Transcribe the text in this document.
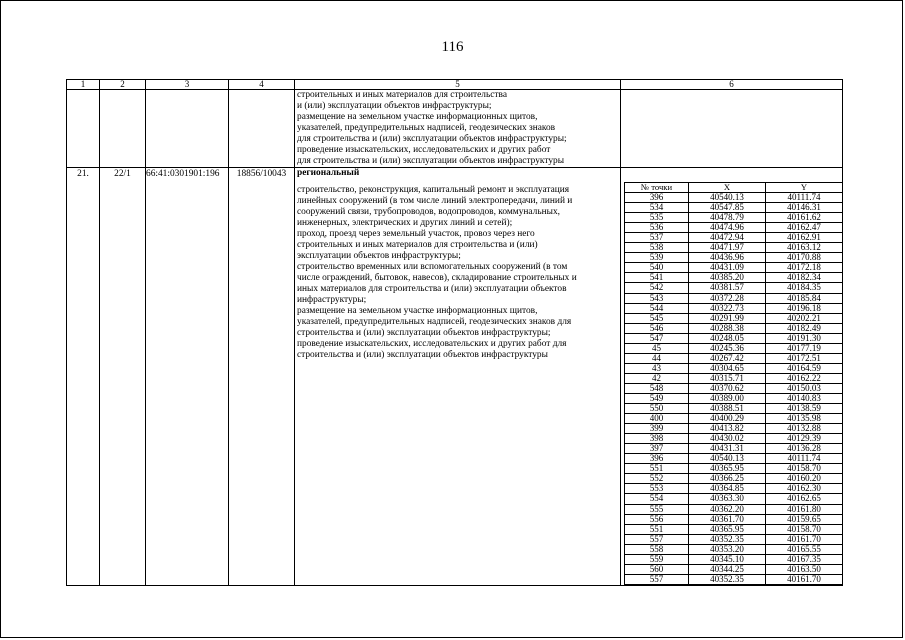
116
1	2	3	4	5	6

строительных и иных материалов для строительства
и (или) эксплуатации объектов инфраструктуры;
размещение на земельном участке информационных щитов,
указателей, предупредительных надписей, геодезических знаков
для строительства и (или) эксплуатации объектов инфраструктуры;
проведение изыскательских, исследовательских и других работ
для строительства и (или) эксплуатации объектов инфраструктуры

21.	22/1	66:41:0301901:196	18856/10043	региональный
строительство, реконструкция, капитальный ремонт и эксплуатация
линейных сооружений (в том числе линий электропередачи, линий и
сооружений связи, трубопроводов, водопроводов, коммунальных,
инженерных, электрических и других линий и сетей);
проход, проезд через земельный участок, провоз через него
строительных и иных материалов для строительства и (или)
эксплуатации объектов инфраструктуры;
строительство временных или вспомогательных сооружений (в том
числе ограждений, бытовок, навесов), складирование строительных и
иных материалов для строительства и (или) эксплуатации объектов
инфраструктуры;
размещение на земельном участке информационных щитов,
указателей, предупредительных надписей, геодезических знаков для
строительства и (или) эксплуатации объектов инфраструктуры;
проведение изыскательских, исследовательских и других работ для
строительства и (или) эксплуатации объектов инфраструктуры

№ точки	X	Y
396	40540.13	40111.74
534	40547.85	40146.31
535	40478.79	40161.62
536	40474.96	40162.47
537	40472.94	40162.91
538	40471.97	40163.12
539	40436.96	40170.88
540	40431.09	40172.18
541	40385.20	40182.34
542	40381.57	40184.35
543	40372.28	40185.84
544	40322.73	40196.18
545	40291.99	40202.21
546	40288.38	40182.49
547	40248.05	40191.30
45	40245.36	40177.19
44	40267.42	40172.51
43	40304.65	40164.59
42	40315.71	40162.22
548	40370.62	40150.03
549	40389.00	40140.83
550	40388.51	40138.59
400	40400.29	40135.98
399	40413.82	40132.88
398	40430.02	40129.39
397	40431.31	40136.28
396	40540.13	40111.74
551	40365.95	40158.70
552	40366.25	40160.20
553	40364.85	40162.30
554	40363.30	40162.65
555	40362.20	40161.80
556	40361.70	40159.65
551	40365.95	40158.70
557	40352.35	40161.70
558	40353.20	40165.55
559	40345.10	40167.35
560	40344.25	40163.50
557	40352.35	40161.70
